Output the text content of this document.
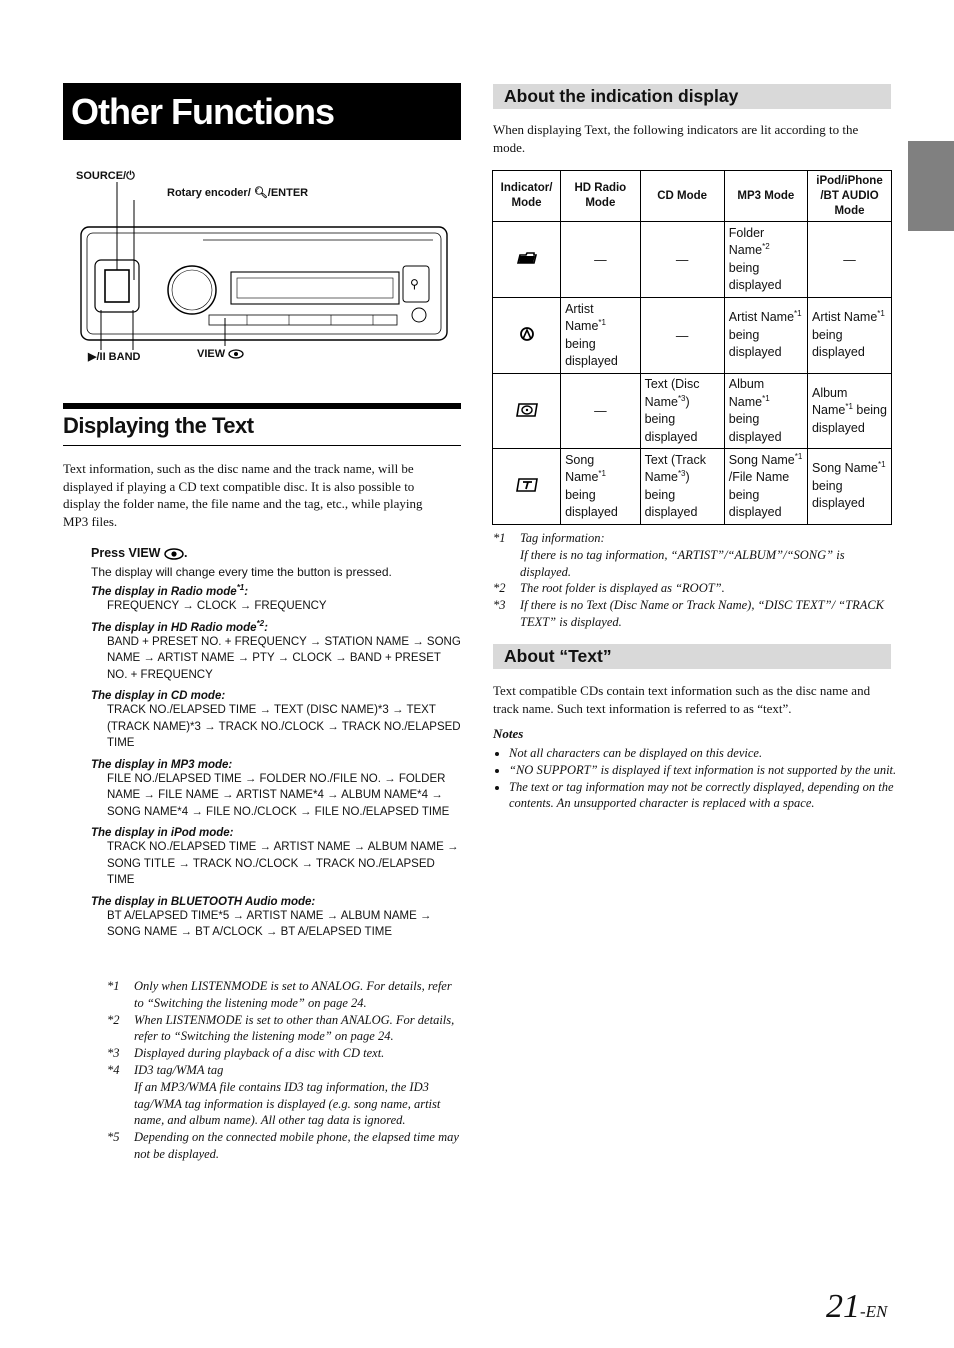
Other Functions
SOURCE/⏻
Rotary encoder/ 🔍︎/ENTER
▶/II BAND	VIEW
⚲
Displaying the Text
Text information, such as the disc name and the track name, will be displayed if playing a CD text compatible disc. It is also possible to display the folder name, the file name and the tag, etc., while playing MP3 files.
Press VIEW .
The display will change every time the button is pressed.
The display in Radio mode$^{*1}$:
FREQUENCY → CLOCK → FREQUENCY
The display in HD Radio mode$^{*2}$:
BAND + PRESET NO. + FREQUENCY → STATION NAME → SONG NAME → ARTIST NAME → PTY → CLOCK → BAND + PRESET NO. + FREQUENCY
The display in CD mode:
TRACK NO./ELAPSED TIME → TEXT (DISC NAME)*3 → TEXT (TRACK NAME)*3 → TRACK NO./CLOCK → TRACK NO./ELAPSED TIME
The display in MP3 mode:
FILE NO./ELAPSED TIME → FOLDER NO./FILE NO. → FOLDER NAME → FILE NAME → ARTIST NAME*4 → ALBUM NAME*4 → SONG NAME*4 → FILE NO./CLOCK → FILE NO./ELAPSED TIME
The display in iPod mode:
TRACK NO./ELAPSED TIME → ARTIST NAME → ALBUM NAME → SONG TITLE → TRACK NO./CLOCK → TRACK NO./ELAPSED TIME
The display in BLUETOOTH Audio mode:
BT A/ELAPSED TIME*5 → ARTIST NAME → ALBUM NAME → SONG NAME → BT A/CLOCK → BT A/ELAPSED TIME
*1	Only when LISTENMODE is set to ANALOG. For details, refer to “Switching the listening mode” on page 24.
*2	When LISTENMODE is set to other than ANALOG. For details, refer to “Switching the listening mode” on page 24.
*3	Displayed during playback of a disc with CD text.
*4	ID3 tag/WMA tag
If an MP3/WMA file contains ID3 tag information, the ID3 tag/WMA tag information is displayed (e.g. song name, artist name, and album name). All other tag data is ignored.
*5	Depending on the connected mobile phone, the elapsed time may not be displayed.
About the indication display
When displaying Text, the following indicators are lit according to the mode.
Indicator/ Mode	HD Radio Mode	CD Mode	MP3 Mode	iPod/iPhone /BT AUDIO Mode
	—	—	Folder Name$^{*2}$ being displayed	—
	Artist Name$^{*1}$ being displayed	—	Artist Name$^{*1}$ being displayed	Artist Name$^{*1}$ being displayed
	—	Text (Disc Name$^{*3}$) being displayed	Album Name$^{*1}$ being displayed	Album Name$^{*1}$ being displayed
	Song Name$^{*1}$ being displayed	Text (Track Name$^{*3}$) being displayed	Song Name$^{*1}$ /File Name being displayed	Song Name$^{*1}$ being displayed
*1	Tag information:
If there is no tag information, “ARTIST”/“ALBUM”/“SONG” is displayed.
*2	The root folder is displayed as “ROOT”.
*3	If there is no Text (Disc Name or Track Name), “DISC TEXT”/ “TRACK TEXT” is displayed.
About “Text”
Text compatible CDs contain text information such as the disc name and track name. Such text information is referred to as “text”.
Notes
• Not all characters can be displayed on this device.
• “NO SUPPORT” is displayed if text information is not supported by the unit.
• The text or tag information may not be correctly displayed, depending on the contents. An unsupported character is replaced with a space.
21-EN
